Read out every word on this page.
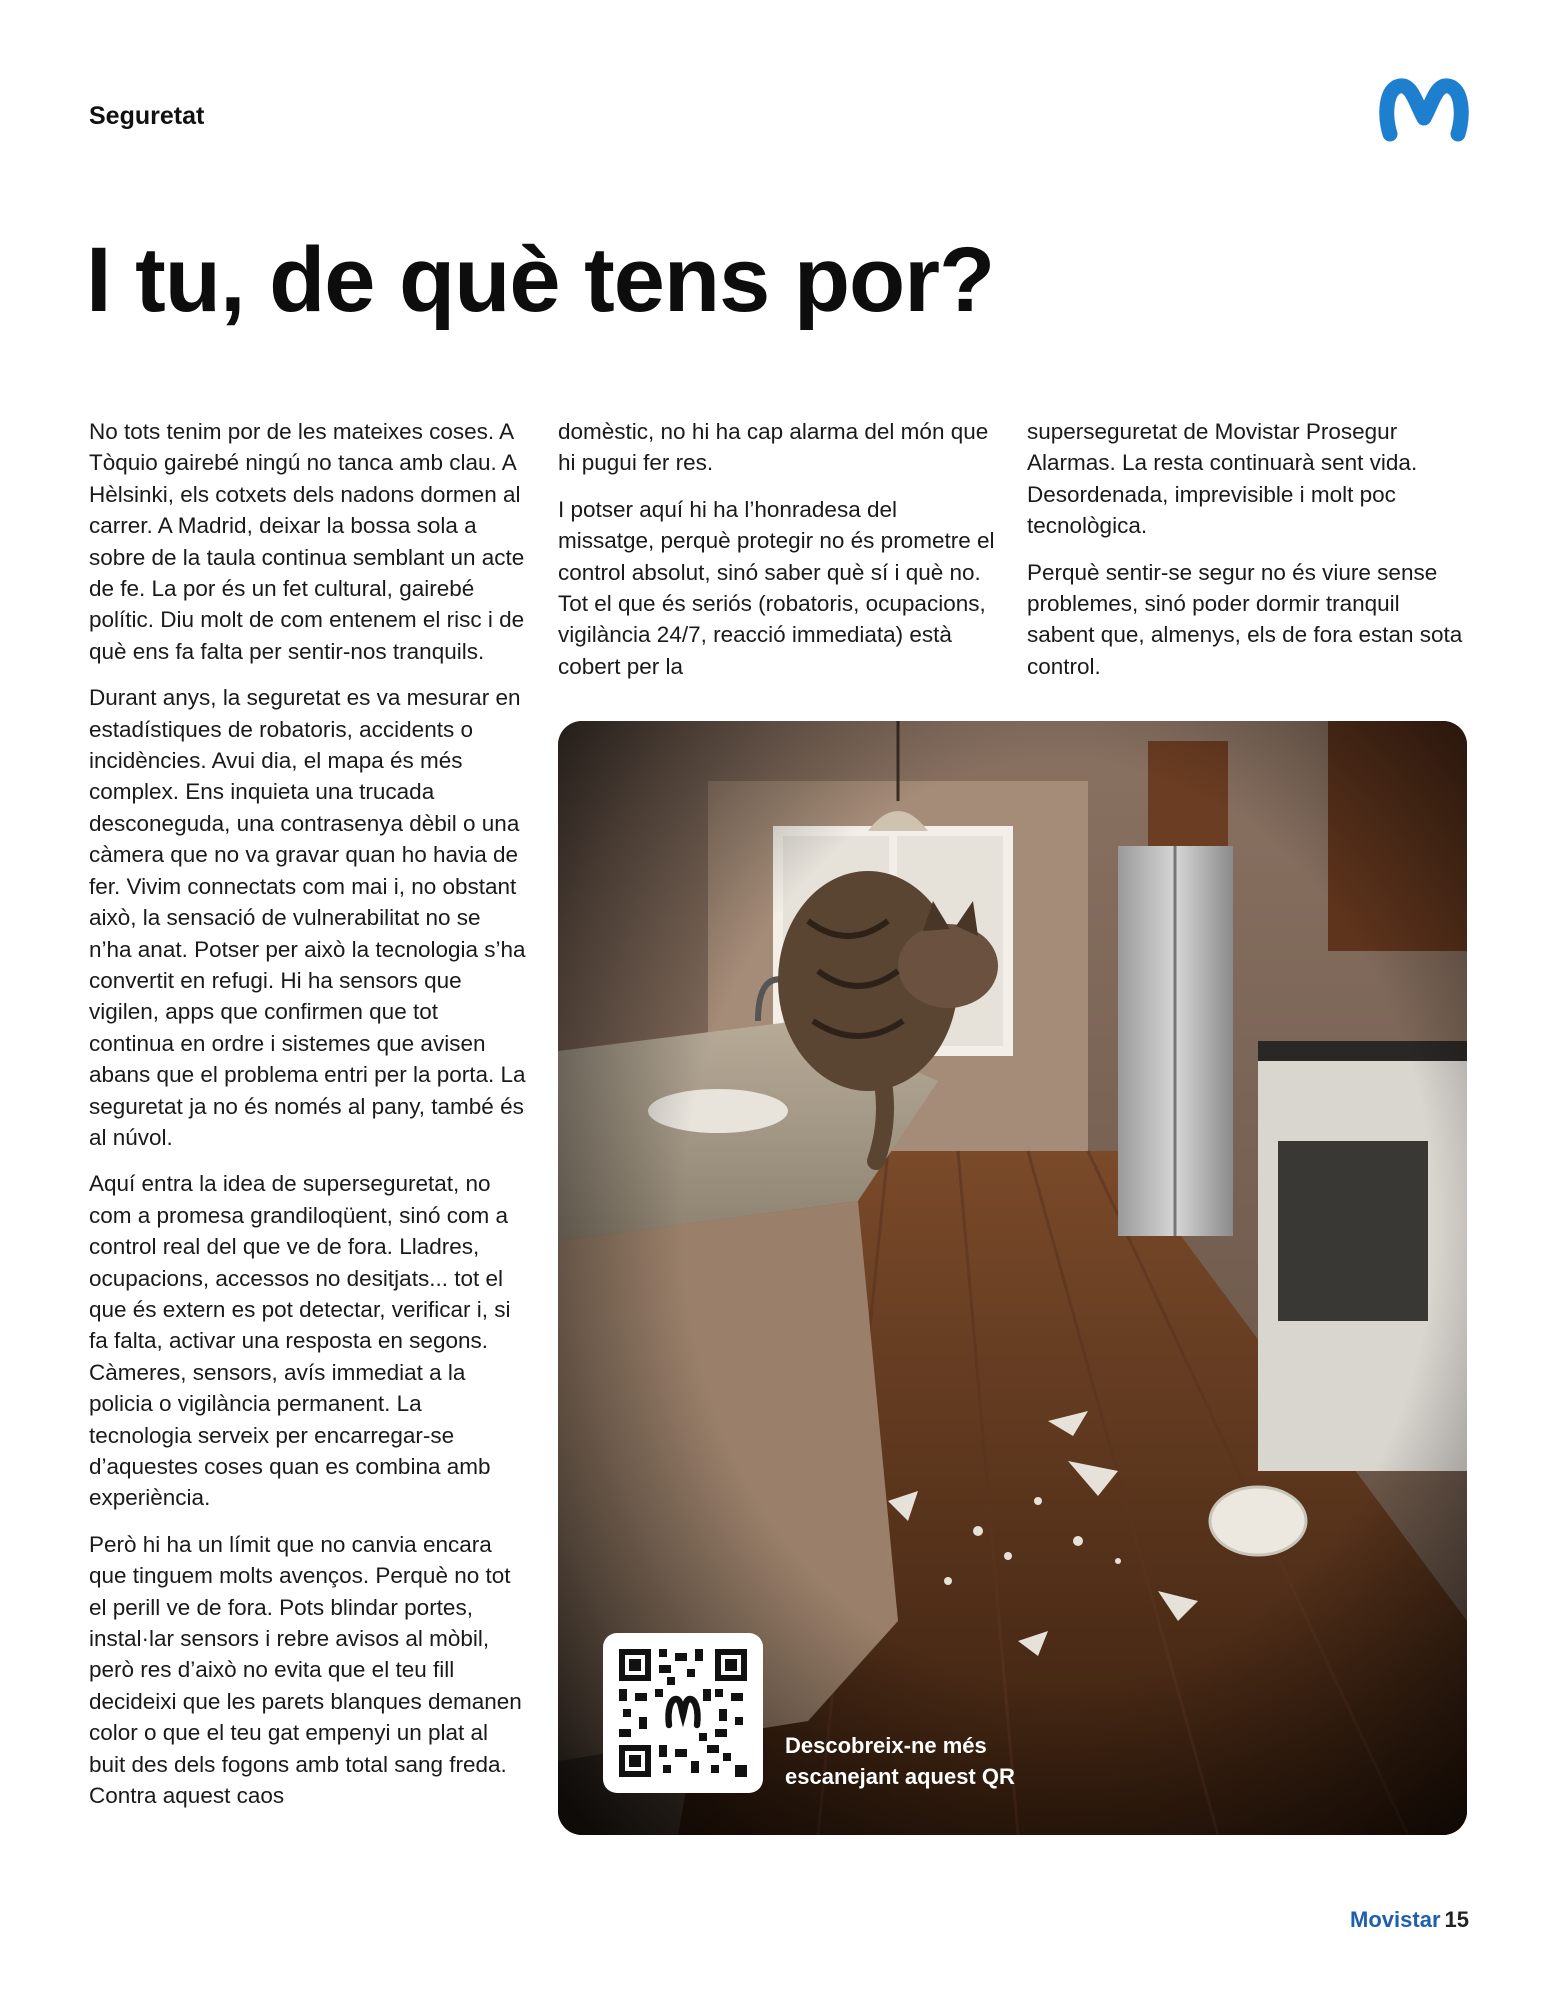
Seguretat
I tu, de què tens por?

No tots tenim por de les mateixes coses. A Tòquio gairebé ningú no tanca amb clau. A Hèlsinki, els cotxets dels nadons dormen al carrer. A Madrid, deixar la bossa sola a sobre de la taula continua semblant un acte de fe. La por és un fet cultural, gairebé polític. Diu molt de com entenem el risc i de què ens fa falta per sentir-nos tranquils.

Durant anys, la seguretat es va mesurar en estadístiques de robatoris, accidents o incidències. Avui dia, el mapa és més complex. Ens inquieta una trucada desconeguda, una contrasenya dèbil o una càmera que no va gravar quan ho havia de fer. Vivim connectats com mai i, no obstant això, la sensació de vulnerabilitat no se n’ha anat. Potser per això la tecnologia s’ha convertit en refugi. Hi ha sensors que vigilen, apps que confirmen que tot continua en ordre i sistemes que avisen abans que el problema entri per la porta. La seguretat ja no és només al pany, també és al núvol.

Aquí entra la idea de superseguretat, no com a promesa grandiloqüent, sinó com a control real del que ve de fora. Lladres, ocupacions, accessos no desitjats... tot el que és extern es pot detectar, verificar i, si fa falta, activar una resposta en segons. Càmeres, sensors, avís immediat a la policia o vigilància permanent. La tecnologia serveix per encarregar-se d’aquestes coses quan es combina amb experiència.

Però hi ha un límit que no canvia encara que tinguem molts avenços. Perquè no tot el perill ve de fora. Pots blindar portes, instal·lar sensors i rebre avisos al mòbil, però res d’això no evita que el teu fill decideixi que les parets blanques demanen color o que el teu gat empenyi un plat al buit des dels fogons amb total sang freda. Contra aquest caos

domèstic, no hi ha cap alarma del món que hi pugui fer res.

I potser aquí hi ha l’honradesa del missatge, perquè protegir no és prometre el control absolut, sinó saber què sí i què no. Tot el que és seriós (robatoris, ocupacions, vigilància 24/7, reacció immediata) està cobert per la

superseguretat de Movistar Prosegur Alarmas. La resta continuarà sent vida. Desordenada, imprevisible i molt poc tecnològica.

Perquè sentir-se segur no és viure sense problemes, sinó poder dormir tranquil sabent que, almenys, els de fora estan sota control.

Descobreix-ne més
escanejant aquest QR
Movistar 15
